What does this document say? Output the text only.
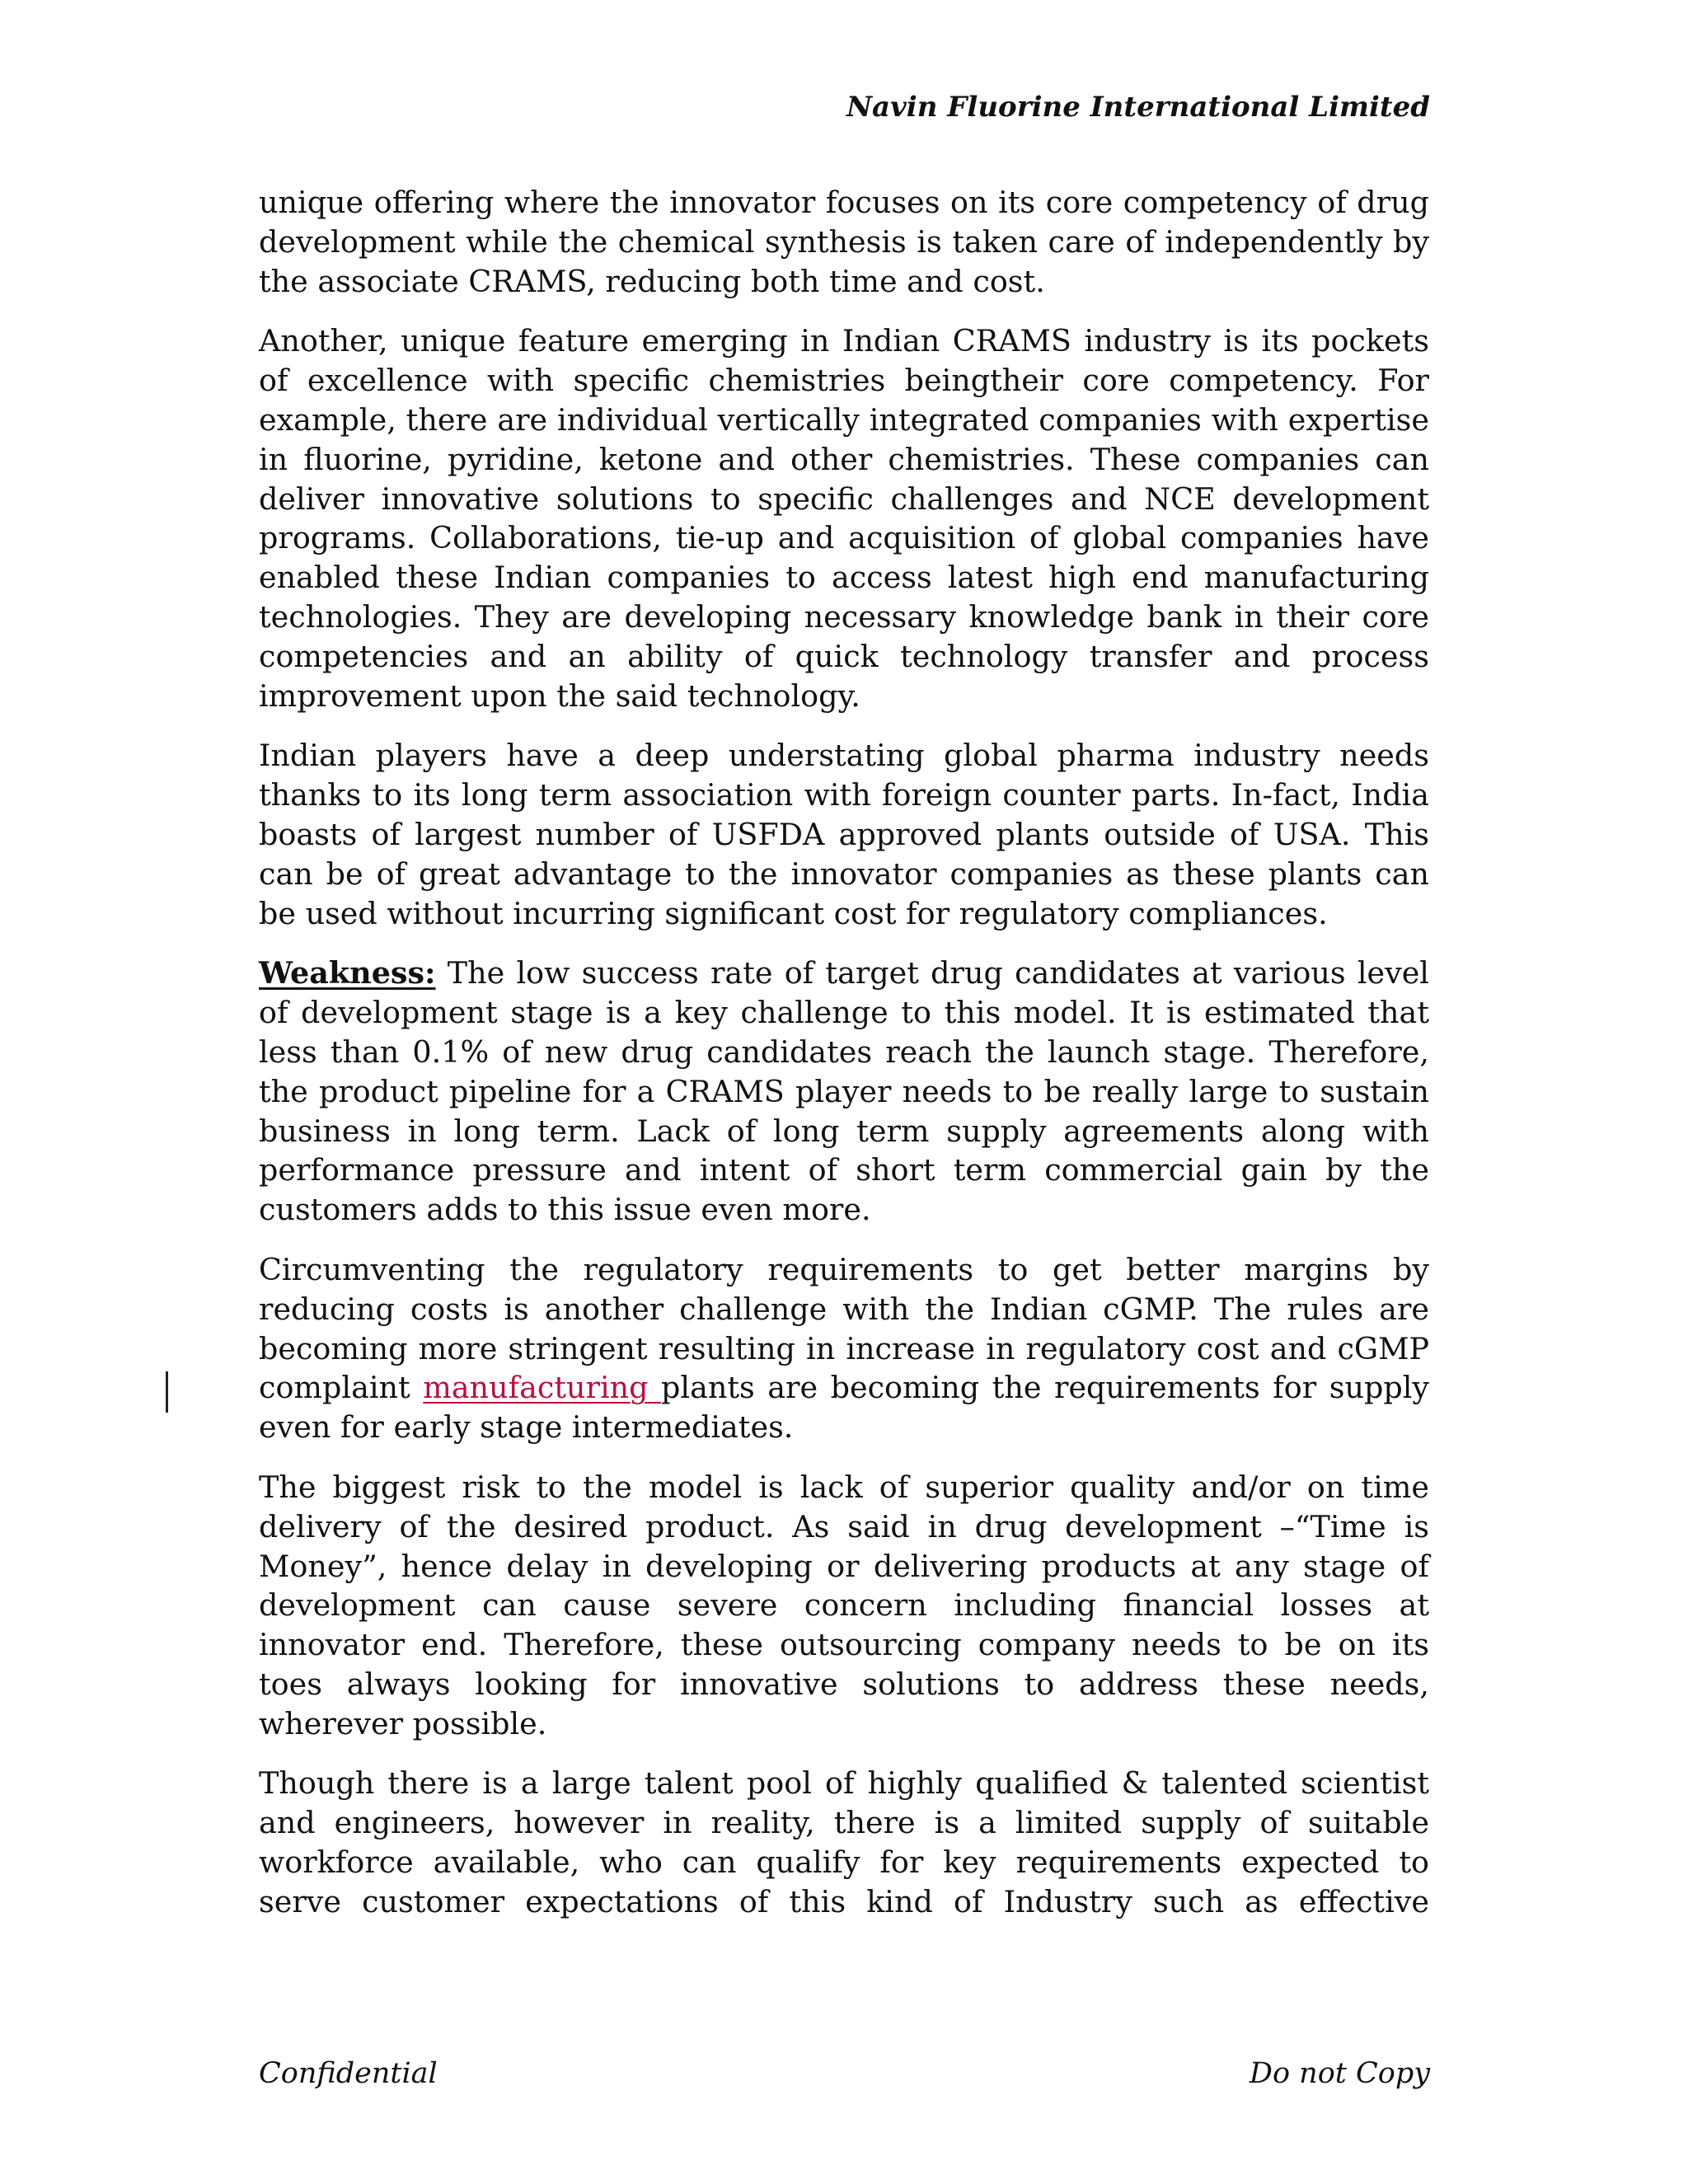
Navin Fluorine International Limited

unique offering where the innovator focuses on its core competency of drug development while the chemical synthesis is taken care of independently by the associate CRAMS, reducing both time and cost.

Another, unique feature emerging in Indian CRAMS industry is its pockets of excellence with specific chemistries beingtheir core competency. For example, there are individual vertically integrated companies with expertise in fluorine, pyridine, ketone and other chemistries. These companies can deliver innovative solutions to specific challenges and NCE development programs. Collaborations, tie-up and acquisition of global companies have enabled these Indian companies to access latest high end manufacturing technologies. They are developing necessary knowledge bank in their core competencies and an ability of quick technology transfer and process improvement upon the said technology.

Indian players have a deep understating global pharma industry needs thanks to its long term association with foreign counter parts. In-fact, India boasts of largest number of USFDA approved plants outside of USA. This can be of great advantage to the innovator companies as these plants can be used without incurring significant cost for regulatory compliances.

Weakness: The low success rate of target drug candidates at various level of development stage is a key challenge to this model. It is estimated that less than 0.1% of new drug candidates reach the launch stage. Therefore, the product pipeline for a CRAMS player needs to be really large to sustain business in long term. Lack of long term supply agreements along with performance pressure and intent of short term commercial gain by the customers adds to this issue even more.

Circumventing the regulatory requirements to get better margins by reducing costs is another challenge with the Indian cGMP. The rules are becoming more stringent resulting in increase in regulatory cost and cGMP complaint manufacturing plants are becoming the requirements for supply even for early stage intermediates.

The biggest risk to the model is lack of superior quality and/or on time delivery of the desired product. As said in drug development –“Time is Money”, hence delay in developing or delivering products at any stage of development can cause severe concern including financial losses at innovator end. Therefore, these outsourcing company needs to be on its toes always looking for innovative solutions to address these needs, wherever possible.

Though there is a large talent pool of highly qualified & talented scientist and engineers, however in reality, there is a limited supply of suitable workforce available, who can qualify for key requirements expected to serve customer expectations of this kind of Industry such as effective

Confidential	Do not Copy
